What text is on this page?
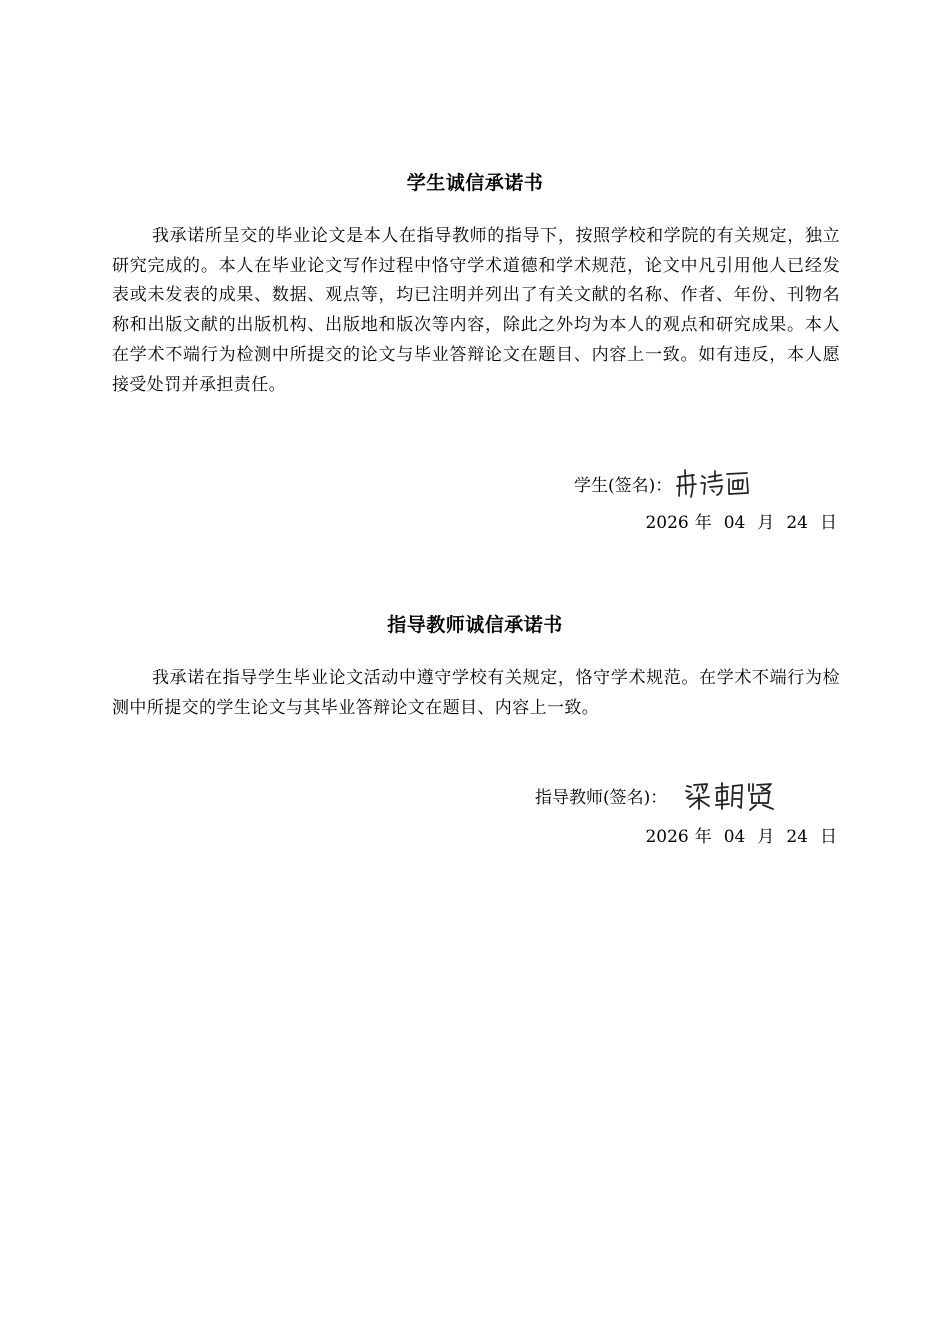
学生诚信承诺书
我承诺所呈交的毕业论文是本人在指导教师的指导下，按照学校和学院的有关规定，独立研究完成的。本人在毕业论文写作过程中恪守学术道德和学术规范，论文中凡引用他人已经发表或未发表的成果、数据、观点等，均已注明并列出了有关文献的名称、作者、年份、刊物名称和出版文献的出版机构、出版地和版次等内容，除此之外均为本人的观点和研究成果。本人在学术不端行为检测中所提交的论文与毕业答辩论文在题目、内容上一致。如有违反，本人愿接受处罚并承担责任。
学生(签名)：
2026 年 04 月 24 日
指导教师诚信承诺书
我承诺在指导学生毕业论文活动中遵守学校有关规定，恪守学术规范。在学术不端行为检测中所提交的学生论文与其毕业答辩论文在题目、内容上一致。
指导教师(签名)：
2026 年 04 月 24 日
